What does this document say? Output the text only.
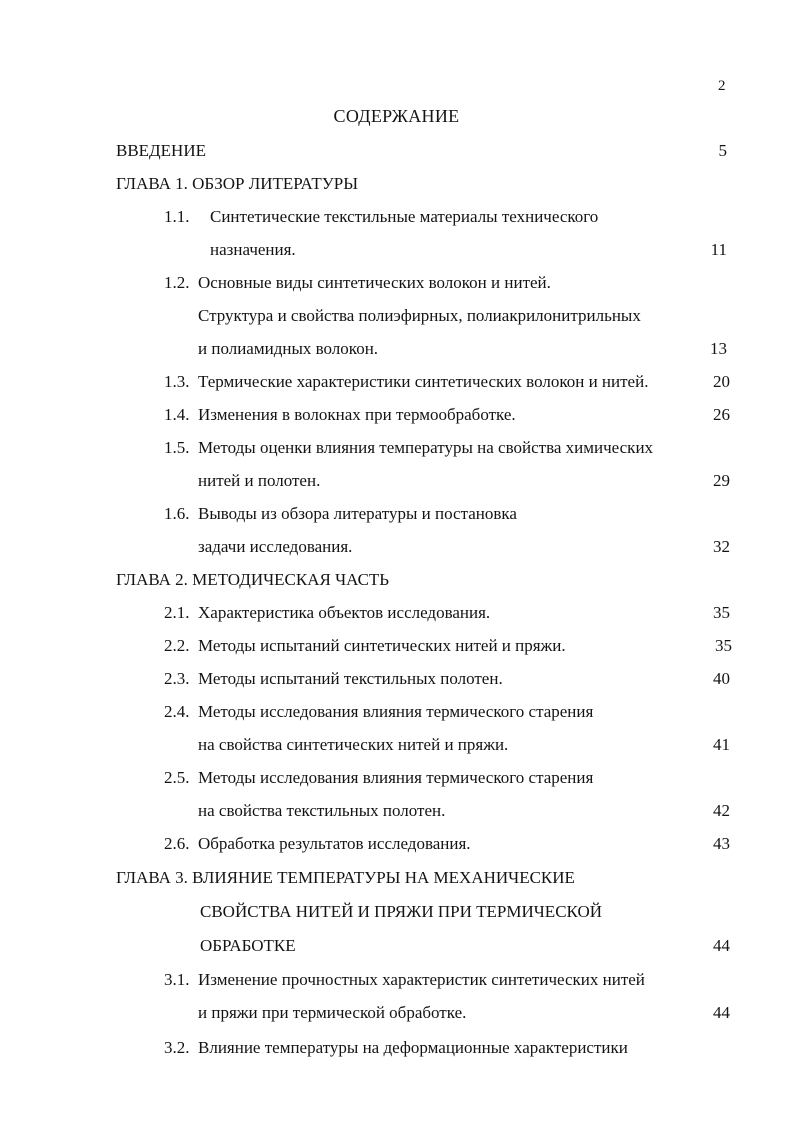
2
СОДЕРЖАНИЕ
ВВЕДЕНИЕ	5
ГЛАВА 1. ОБЗОР ЛИТЕРАТУРЫ
1.1. Синтетические текстильные материалы технического
назначения.	11
1.2. Основные виды синтетических волокон и нитей.
Структура и свойства полиэфирных, полиакрилонитрильных
и полиамидных волокон.	13
1.3. Термические характеристики синтетических волокон и нитей.	20
1.4. Изменения в волокнах при термообработке.	26
1.5. Методы оценки влияния температуры на свойства химических
нитей и полотен.	29
1.6. Выводы из обзора литературы и постановка
задачи исследования.	32
ГЛАВА 2. МЕТОДИЧЕСКАЯ ЧАСТЬ
2.1. Характеристика объектов исследования.	35
2.2. Методы испытаний синтетических нитей и пряжи.	35
2.3. Методы испытаний текстильных полотен.	40
2.4. Методы исследования влияния термического старения
на свойства синтетических нитей и пряжи.	41
2.5. Методы исследования влияния термического старения
на свойства текстильных полотен.	42
2.6. Обработка результатов исследования.	43
ГЛАВА 3. ВЛИЯНИЕ ТЕМПЕРАТУРЫ НА МЕХАНИЧЕСКИЕ
СВОЙСТВА НИТЕЙ И ПРЯЖИ ПРИ ТЕРМИЧЕСКОЙ
ОБРАБОТКЕ	44
3.1. Изменение прочностных характеристик синтетических нитей
и пряжи при термической обработке.	44
3.2. Влияние температуры на деформационные характеристики
